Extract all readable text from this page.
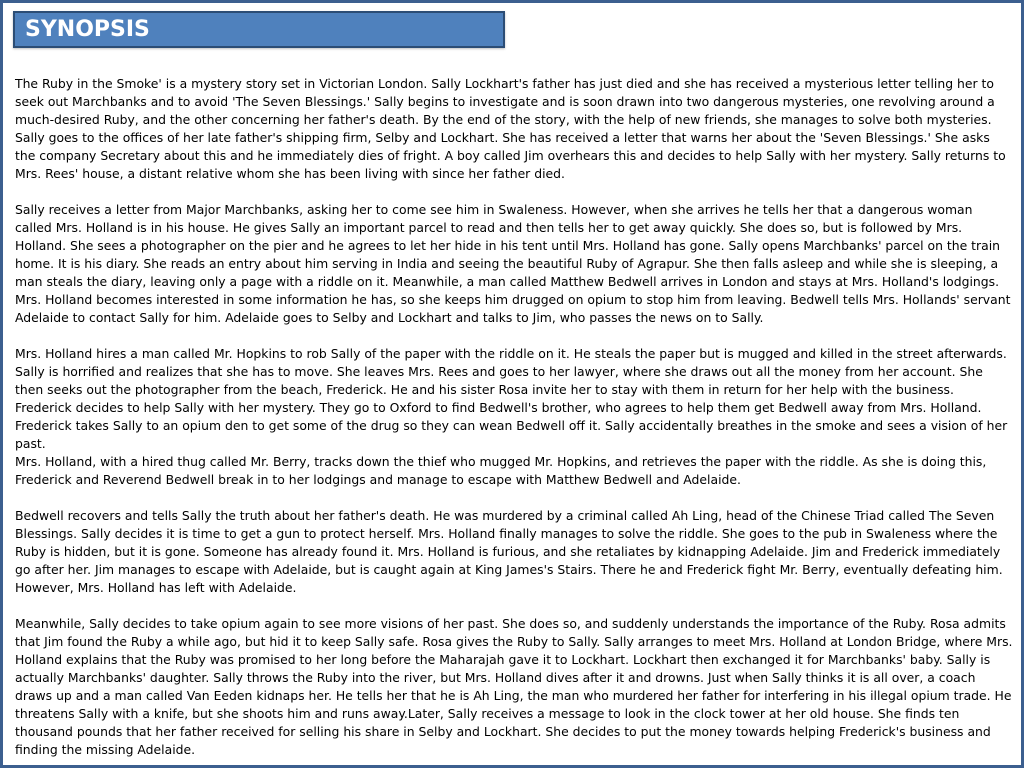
SYNOPSIS

The Ruby in the Smoke' is a mystery story set in Victorian London. Sally Lockhart's father has just died and she has received a mysterious letter telling her to seek out Marchbanks and to avoid 'The Seven Blessings.' Sally begins to investigate and is soon drawn into two dangerous mysteries, one revolving around a much-desired Ruby, and the other concerning her father's death. By the end of the story, with the help of new friends, she manages to solve both mysteries.

Sally goes to the offices of her late father's shipping firm, Selby and Lockhart. She has received a letter that warns her about the 'Seven Blessings.' She asks the company Secretary about this and he immediately dies of fright. A boy called Jim overhears this and decides to help Sally with her mystery. Sally returns to Mrs. Rees' house, a distant relative whom she has been living with since her father died.

Sally receives a letter from Major Marchbanks, asking her to come see him in Swaleness. However, when she arrives he tells her that a dangerous woman called Mrs. Holland is in his house. He gives Sally an important parcel to read and then tells her to get away quickly. She does so, but is followed by Mrs. Holland. She sees a photographer on the pier and he agrees to let her hide in his tent until Mrs. Holland has gone. Sally opens Marchbanks' parcel on the train home. It is his diary. She reads an entry about him serving in India and seeing the beautiful Ruby of Agrapur. She then falls asleep and while she is sleeping, a man steals the diary, leaving only a page with a riddle on it. Meanwhile, a man called Matthew Bedwell arrives in London and stays at Mrs. Holland's lodgings. Mrs. Holland becomes interested in some information he has, so she keeps him drugged on opium to stop him from leaving. Bedwell tells Mrs. Hollands' servant Adelaide to contact Sally for him. Adelaide goes to Selby and Lockhart and talks to Jim, who passes the news on to Sally.

Mrs. Holland hires a man called Mr. Hopkins to rob Sally of the paper with the riddle on it. He steals the paper but is mugged and killed in the street afterwards. Sally is horrified and realizes that she has to move. She leaves Mrs. Rees and goes to her lawyer, where she draws out all the money from her account. She then seeks out the photographer from the beach, Frederick. He and his sister Rosa invite her to stay with them in return for her help with the business.

Frederick decides to help Sally with her mystery. They go to Oxford to find Bedwell's brother, who agrees to help them get Bedwell away from Mrs. Holland. Frederick takes Sally to an opium den to get some of the drug so they can wean Bedwell off it. Sally accidentally breathes in the smoke and sees a vision of her past.

Mrs. Holland, with a hired thug called Mr. Berry, tracks down the thief who mugged Mr. Hopkins, and retrieves the paper with the riddle. As she is doing this, Frederick and Reverend Bedwell break in to her lodgings and manage to escape with Matthew Bedwell and Adelaide.

Bedwell recovers and tells Sally the truth about her father's death. He was murdered by a criminal called Ah Ling, head of the Chinese Triad called The Seven Blessings. Sally decides it is time to get a gun to protect herself. Mrs. Holland finally manages to solve the riddle. She goes to the pub in Swaleness where the Ruby is hidden, but it is gone. Someone has already found it. Mrs. Holland is furious, and she retaliates by kidnapping Adelaide. Jim and Frederick immediately go after her. Jim manages to escape with Adelaide, but is caught again at King James's Stairs. There he and Frederick fight Mr. Berry, eventually defeating him. However, Mrs. Holland has left with Adelaide.

Meanwhile, Sally decides to take opium again to see more visions of her past. She does so, and suddenly understands the importance of the Ruby. Rosa admits that Jim found the Ruby a while ago, but hid it to keep Sally safe. Rosa gives the Ruby to Sally. Sally arranges to meet Mrs. Holland at London Bridge, where Mrs. Holland explains that the Ruby was promised to her long before the Maharajah gave it to Lockhart. Lockhart then exchanged it for Marchbanks' baby. Sally is actually Marchbanks' daughter. Sally throws the Ruby into the river, but Mrs. Holland dives after it and drowns. Just when Sally thinks it is all over, a coach draws up and a man called Van Eeden kidnaps her. He tells her that he is Ah Ling, the man who murdered her father for interfering in his illegal opium trade. He threatens Sally with a knife, but she shoots him and runs away.Later, Sally receives a message to look in the clock tower at her old house. She finds ten thousand pounds that her father received for selling his share in Selby and Lockhart. She decides to put the money towards helping Frederick's business and finding the missing Adelaide.
